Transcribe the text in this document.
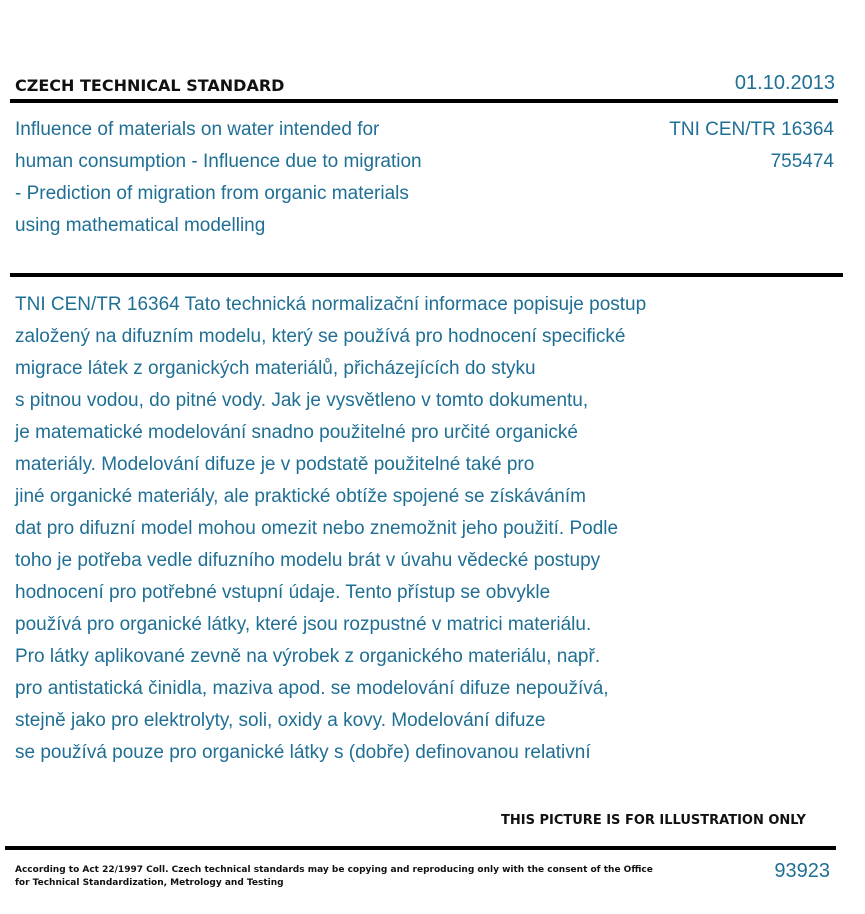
CZECH TECHNICAL STANDARD	01.10.2013
Influence of materials on water intended for
human consumption - Influence due to migration
- Prediction of migration from organic materials
using mathematical modelling
TNI CEN/TR 16364
755474
TNI CEN/TR 16364 Tato technická normalizační informace popisuje postup
založený na difuzním modelu, který se používá pro hodnocení specifické
migrace látek z organických materiálů, přicházejících do styku
s pitnou vodou, do pitné vody. Jak je vysvětleno v tomto dokumentu,
je matematické modelování snadno použitelné pro určité organické
materiály. Modelování difuze je v podstatě použitelné také pro
jiné organické materiály, ale praktické obtíže spojené se získáváním
dat pro difuzní model mohou omezit nebo znemožnit jeho použití. Podle
toho je potřeba vedle difuzního modelu brát v úvahu vědecké postupy
hodnocení pro potřebné vstupní údaje. Tento přístup se obvykle
používá pro organické látky, které jsou rozpustné v matrici materiálu.
Pro látky aplikované zevně na výrobek z organického materiálu, např.
pro antistatická činidla, maziva apod. se modelování difuze nepoužívá,
stejně jako pro elektrolyty, soli, oxidy a kovy. Modelování difuze
se používá pouze pro organické látky s (dobře) definovanou relativní
THIS PICTURE IS FOR ILLUSTRATION ONLY
According to Act 22/1997 Coll. Czech technical standards may be copying and reproducing only with the consent of the Office
for Technical Standardization, Metrology and Testing
93923
